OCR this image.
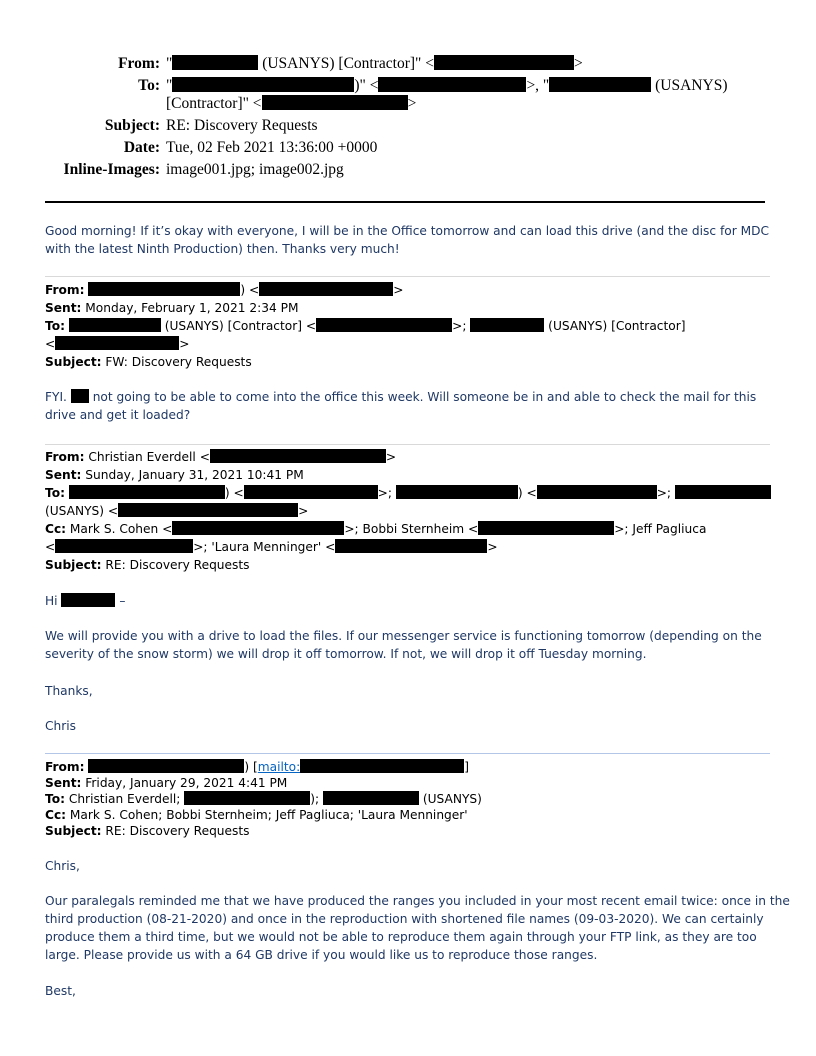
From: "	(USANYS) [Contractor]" <	>
To: "	)" <	>, "	(USANYS)
[Contractor]" <	>
Subject: RE: Discovery Requests
Date: Tue, 02 Feb 2021 13:36:00 +0000
Inline-Images: image001.jpg; image002.jpg
Good morning! If it’s okay with everyone, I will be in the Office tomorrow and can load this drive (and the disc for MDC
with the latest Ninth Production) then. Thanks very much!
From:	) <	>
Sent: Monday, February 1, 2021 2:34 PM
To:	(USANYS) [Contractor] <	>;	(USANYS) [Contractor]
<	>
Subject: FW: Discovery Requests
FYI. not going to be able to come into the office this week. Will someone be in and able to check the mail for this
drive and get it loaded?
From: Christian Everdell <	>
Sent: Sunday, January 31, 2021 10:41 PM
To:	) <	>;	) <	>;
(USANYS) <	>
Cc: Mark S. Cohen <	>; Bobbi Sternheim <	>; Jeff Pagliuca
<	>; 'Laura Menninger' <	>
Subject: RE: Discovery Requests
Hi	–
We will provide you with a drive to load the files. If our messenger service is functioning tomorrow (depending on the
severity of the snow storm) we will drop it off tomorrow. If not, we will drop it off Tuesday morning.
Thanks,
Chris
From:	) [mailto:	]
Sent: Friday, January 29, 2021 4:41 PM
To: Christian Everdell;	);	(USANYS)
Cc: Mark S. Cohen; Bobbi Sternheim; Jeff Pagliuca; 'Laura Menninger'
Subject: RE: Discovery Requests
Chris,
Our paralegals reminded me that we have produced the ranges you included in your most recent email twice: once in the
third production (08-21-2020) and once in the reproduction with shortened file names (09-03-2020). We can certainly
produce them a third time, but we would not be able to reproduce them again through your FTP link, as they are too
large. Please provide us with a 64 GB drive if you would like us to reproduce those ranges.
Best,
